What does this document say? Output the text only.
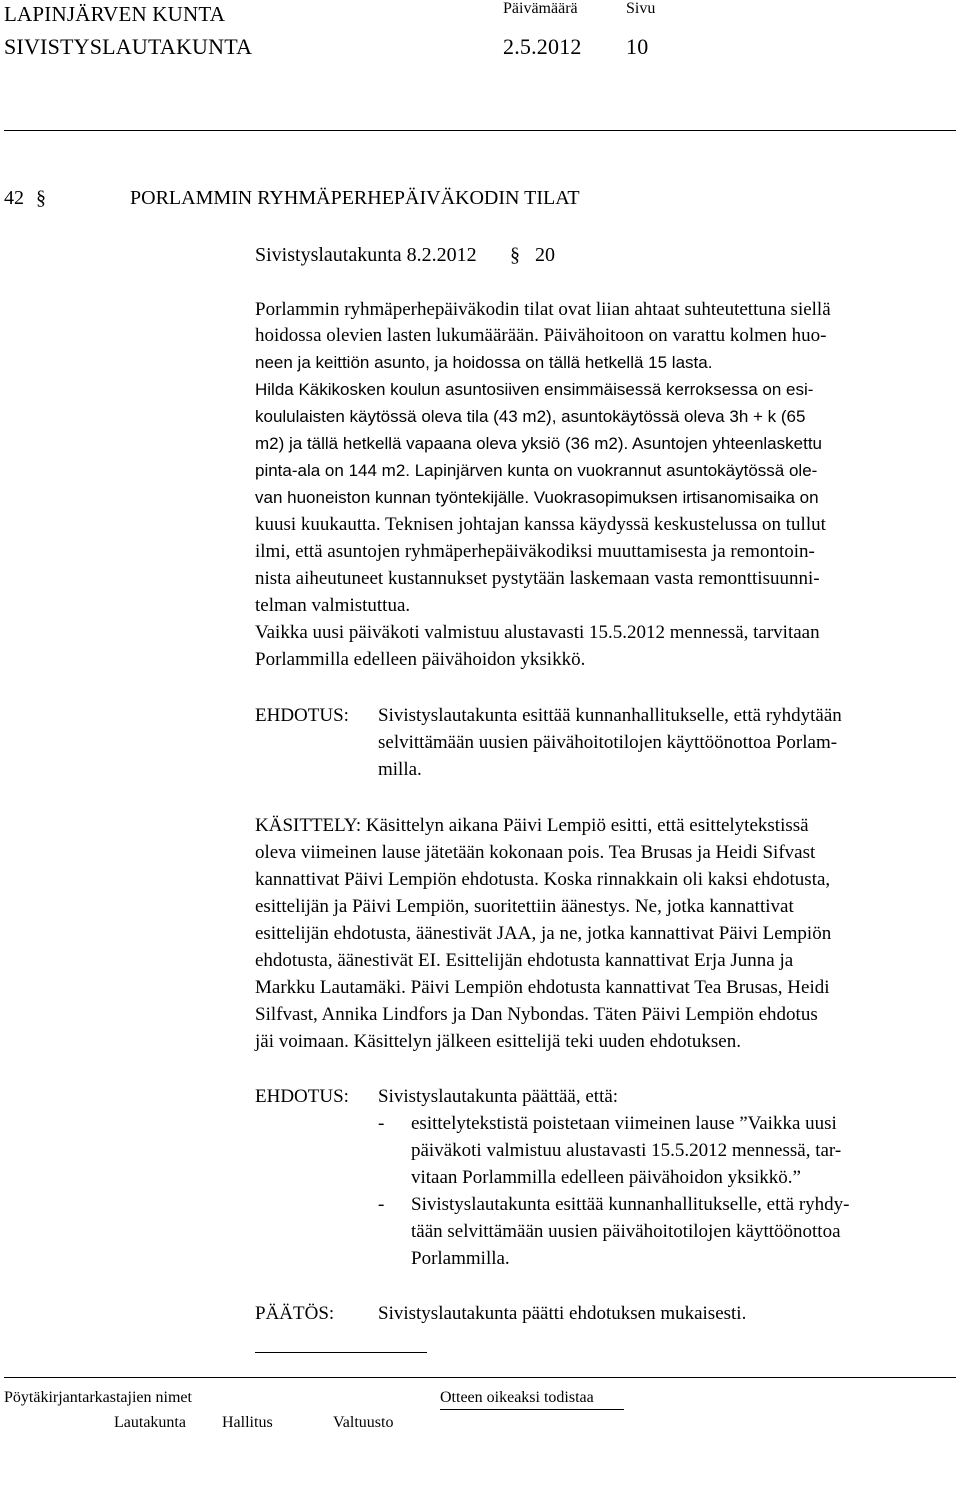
LAPINJÄRVEN KUNTA	Päivämäärä	Sivu
SIVISTYSLAUTAKUNTA	2.5.2012 10
42 §	PORLAMMIN RYHMÄPERHEPÄIVÄKODIN TILAT
Sivistyslautakunta 8.2.2012 § 20
Porlammin ryhmäperhepäiväkodin tilat ovat liian ahtaat suhteutettuna siellä
hoidossa olevien lasten lukumäärään. Päivähoitoon on varattu kolmen huo-
neen ja keittiön asunto, ja hoidossa on tällä hetkellä 15 lasta.
Hilda Käkikosken koulun asuntosiiven ensimmäisessä kerroksessa on esi-
koululaisten käytössä oleva tila (43 m2), asuntokäytössä oleva 3h + k (65
m2) ja tällä hetkellä vapaana oleva yksiö (36 m2). Asuntojen yhteenlaskettu
pinta-ala on 144 m2. Lapinjärven kunta on vuokrannut asuntokäytössä ole-
van huoneiston kunnan työntekijälle. Vuokrasopimuksen irtisanomisaika on
kuusi kuukautta. Teknisen johtajan kanssa käydyssä keskustelussa on tullut
ilmi, että asuntojen ryhmäperhepäiväkodiksi muuttamisesta ja remontoin-
nista aiheutuneet kustannukset pystytään laskemaan vasta remonttisuunni-
telman valmistuttua.
Vaikka uusi päiväkoti valmistuu alustavasti 15.5.2012 mennessä, tarvitaan
Porlammilla edelleen päivähoidon yksikkö.
EHDOTUS: Sivistyslautakunta esittää kunnanhallitukselle, että ryhdytään
selvittämään uusien päivähoitotilojen käyttöönottoa Porlam-
milla.
KÄSITTELY: Käsittelyn aikana Päivi Lempiö esitti, että esittelytekstissä
oleva viimeinen lause jätetään kokonaan pois. Tea Brusas ja Heidi Sifvast
kannattivat Päivi Lempiön ehdotusta. Koska rinnakkain oli kaksi ehdotusta,
esittelijän ja Päivi Lempiön, suoritettiin äänestys. Ne, jotka kannattivat
esittelijän ehdotusta, äänestivät JAA, ja ne, jotka kannattivat Päivi Lempiön
ehdotusta, äänestivät EI. Esittelijän ehdotusta kannattivat Erja Junna ja
Markku Lautamäki. Päivi Lempiön ehdotusta kannattivat Tea Brusas, Heidi
Silfvast, Annika Lindfors ja Dan Nybondas. Täten Päivi Lempiön ehdotus
jäi voimaan. Käsittelyn jälkeen esittelijä teki uuden ehdotuksen.
EHDOTUS: Sivistyslautakunta päättää, että:
- esittelytekstistä poistetaan viimeinen lause ”Vaikka uusi
päiväkoti valmistuu alustavasti 15.5.2012 mennessä, tar-
vitaan Porlammilla edelleen päivähoidon yksikkö.”
- Sivistyslautakunta esittää kunnanhallitukselle, että ryhdy-
tään selvittämään uusien päivähoitotilojen käyttöönottoa
Porlammilla.
PÄÄTÖS: Sivistyslautakunta päätti ehdotuksen mukaisesti.
Pöytäkirjantarkastajien nimet	Otteen oikeaksi todistaa
Lautakunta Hallitus	Valtuusto
